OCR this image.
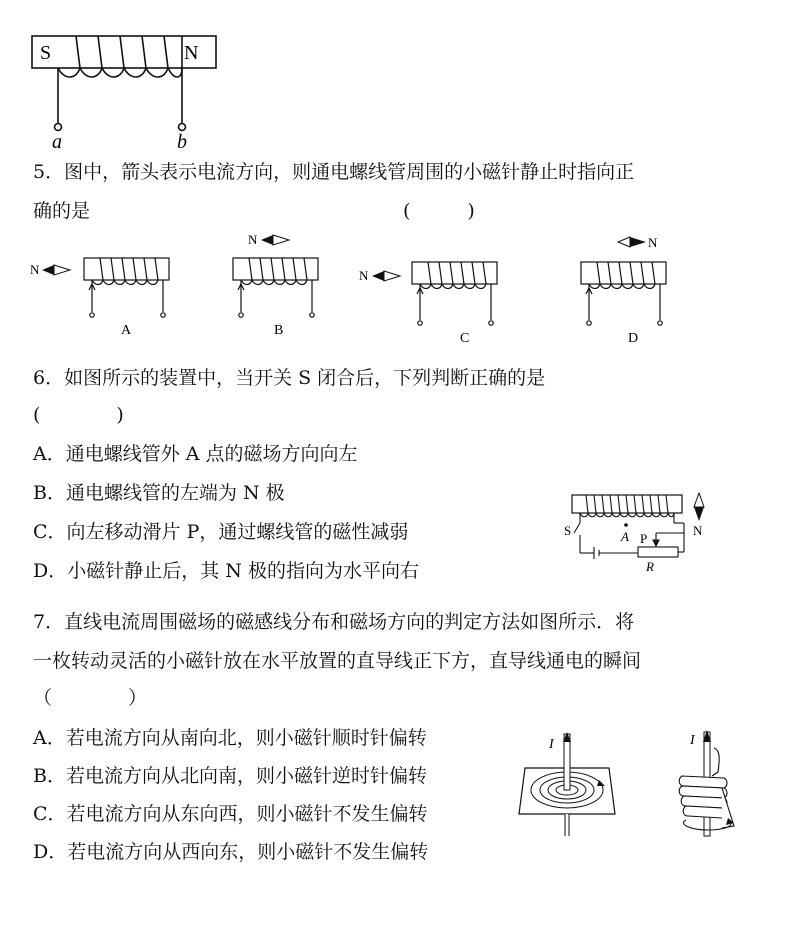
S	N
a	b
5．图中，箭头表示电流方向，则通电螺线管周围的小磁针静止时指向正
确的是	(　　　)
N
A
N
B
N
C
N
D
6．如图所示的装置中，当开关 S 闭合后，下列判断正确的是
(　　　　)
A．通电螺线管外 A 点的磁场方向向左
B．通电螺线管的左端为 N 极
C．向左移动滑片 P，通过螺线管的磁性减弱
D．小磁针静止后，其 N 极的指向为水平向右
S	A P
R
N
7．直线电流周围磁场的磁感线分布和磁场方向的判定方法如图所示．将
一枚转动灵活的小磁针放在水平放置的直导线正下方，直导线通电的瞬间
（　　　　）
A．若电流方向从南向北，则小磁针顺时针偏转
B．若电流方向从北向南，则小磁针逆时针偏转
C．若电流方向从东向西，则小磁针不发生偏转
D．若电流方向从西向东，则小磁针不发生偏转
I	I
